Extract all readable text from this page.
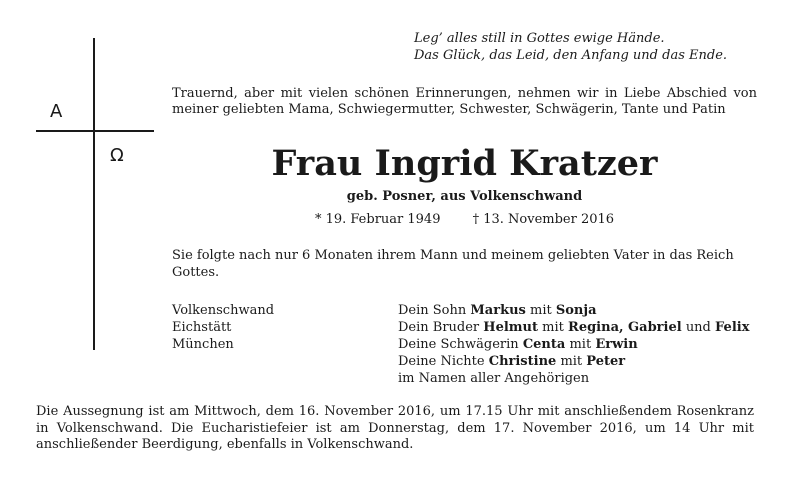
A
Ω
Leg’ alles still in Gottes ewige Hände.
Das Glück, das Leid, den Anfang und das Ende.
Trauernd, aber mit vielen schönen Erinnerungen, nehmen wir in Liebe Abschied von meiner geliebten Mama, Schwiegermutter, Schwester, Schwägerin, Tante und Patin
Frau Ingrid Kratzer
geb. Posner, aus Volkenschwand
* 19. Februar 1949 † 13. November 2016
Sie folgte nach nur 6 Monaten ihrem Mann und meinem geliebten Vater in das Reich Gottes.
Volkenschwand
Eichstätt
München
Dein Sohn Markus mit Sonja
Dein Bruder Helmut mit Regina, Gabriel und Felix
Deine Schwägerin Centa mit Erwin
Deine Nichte Christine mit Peter
im Namen aller Angehörigen
Die Aussegnung ist am Mittwoch, dem 16. November 2016, um 17.15 Uhr mit anschließendem Rosenkranz in Volkenschwand. Die Eucharistiefeier ist am Donnerstag, dem 17. November 2016, um 14 Uhr mit anschließender Beerdigung, ebenfalls in Volkenschwand.
